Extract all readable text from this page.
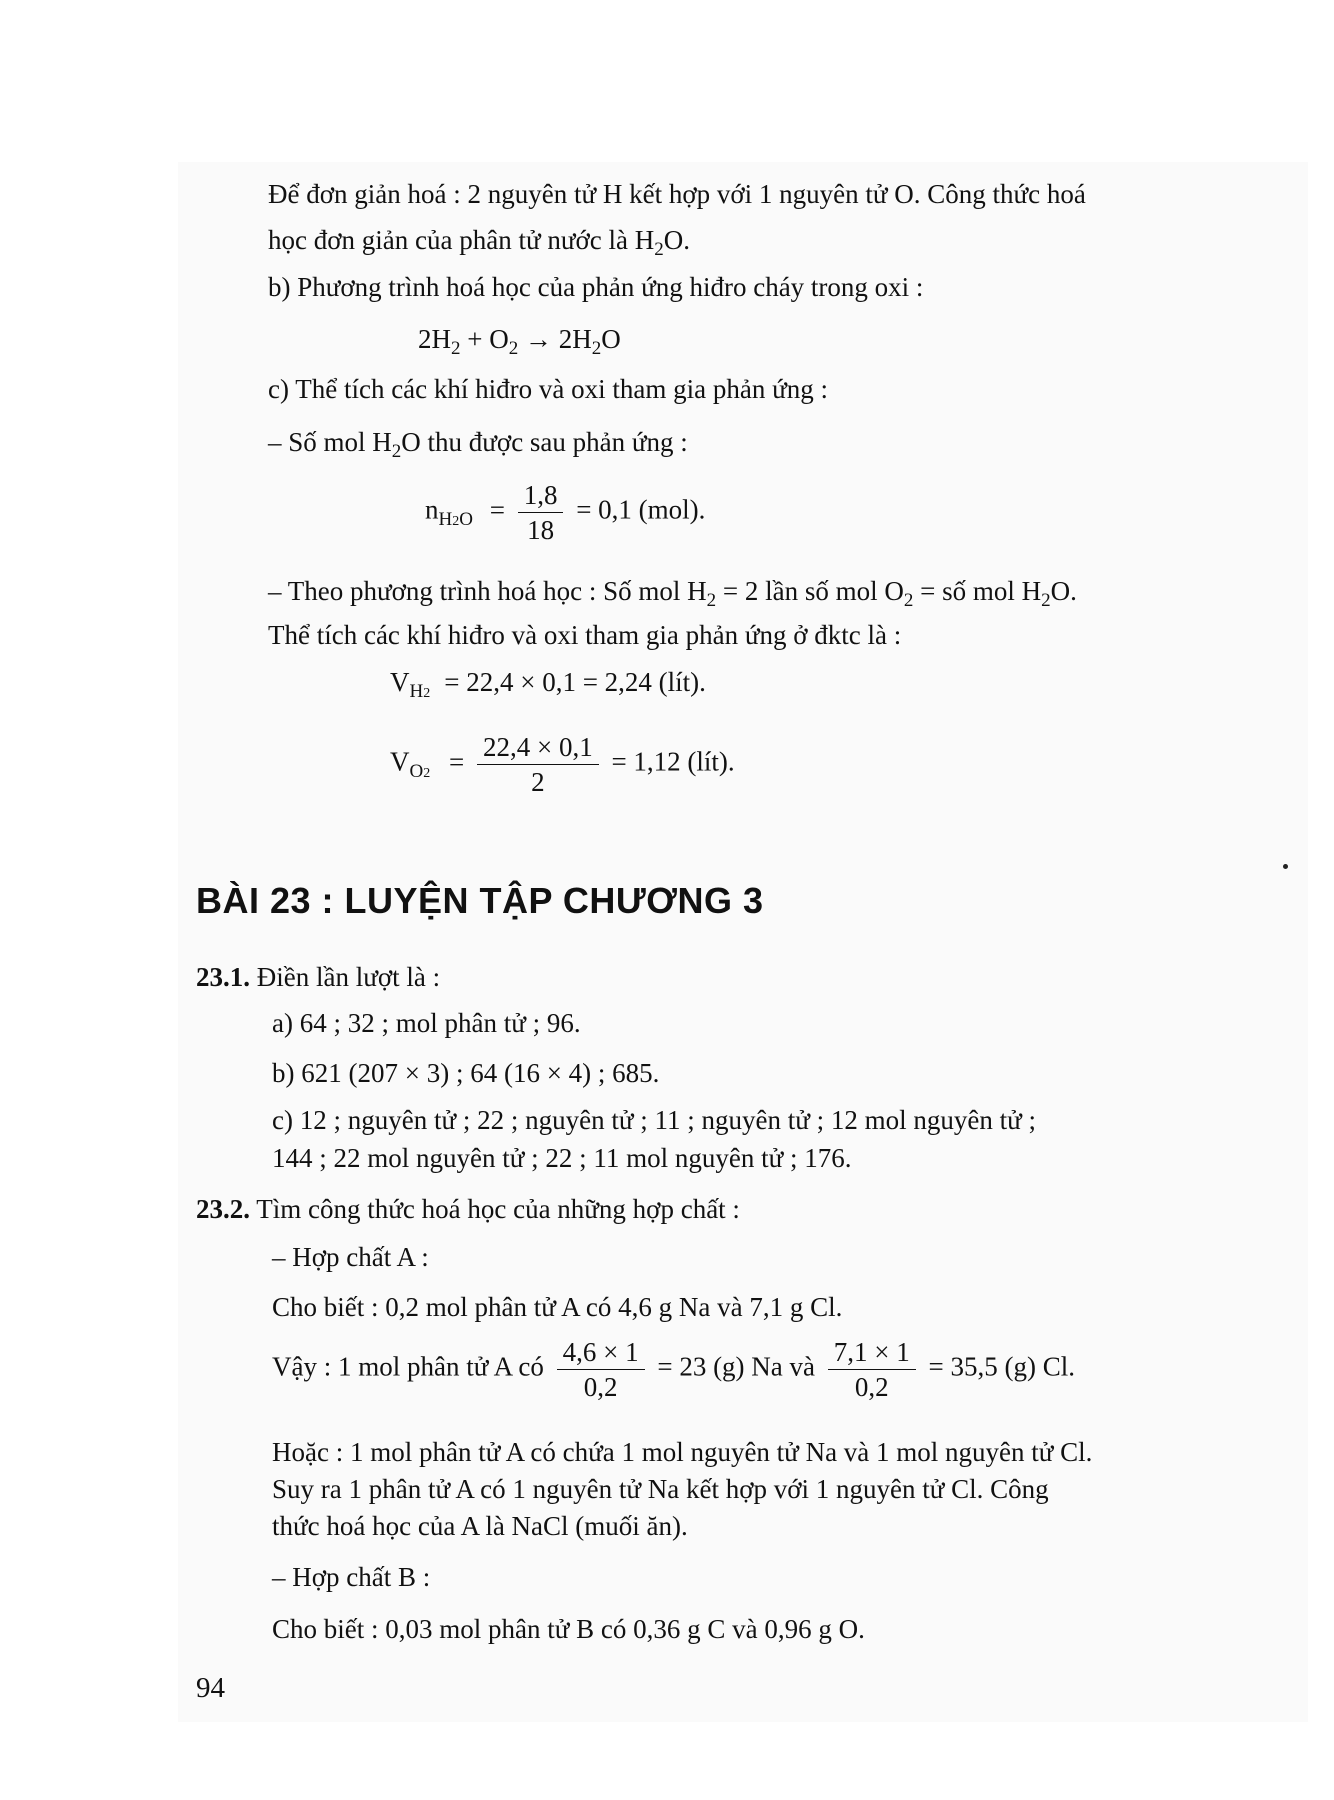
Để đơn giản hoá : 2 nguyên tử H kết hợp với 1 nguyên tử O. Công thức hoá
học đơn giản của phân tử nước là $H_2O$.
b) Phương trình hoá học của phản ứng hiđro cháy trong oxi :
$2H_2 + O_2 \to 2H_2O$
c) Thể tích các khí hiđro và oxi tham gia phản ứng :
– Số mol $H_2O$ thu được sau phản ứng :
$n_{H2O} = \frac{1,8}{18} = 0,1$ (mol).
– Theo phương trình hoá học : Số mol $H_2 = 2$ lần số mol $O_2$ = số mol $H_2O$.
Thể tích các khí hiđro và oxi tham gia phản ứng ở đktc là :
$V_{H2} = 22,4 \times 0,1 = 2,24$ (lít).
$V_{O2} = \frac{22,4 \times 0,1}{2} = 1,12$ (lít).
BÀI 23 : LUYỆN TẬP CHƯƠNG 3
23.1. Điền lần lượt là :
a) 64 ; 32 ; mol phân tử ; 96.
b) 621 (207 × 3) ; 64 (16 × 4) ; 685.
c) 12 ; nguyên tử ; 22 ; nguyên tử ; 11 ; nguyên tử ; 12 mol nguyên tử ;
144 ; 22 mol nguyên tử ; 22 ; 11 mol nguyên tử ; 176.
23.2. Tìm công thức hoá học của những hợp chất :
– Hợp chất A :
Cho biết : 0,2 mol phân tử A có 4,6 g Na và 7,1 g Cl.
Vậy : 1 mol phân tử A có $\frac{4,6 \times 1}{0,2} = 23$ (g) Na và $\frac{7,1 \times 1}{0,2} = 35,5$ (g) Cl.
Hoặc : 1 mol phân tử A có chứa 1 mol nguyên tử Na và 1 mol nguyên tử Cl.
Suy ra 1 phân tử A có 1 nguyên tử Na kết hợp với 1 nguyên tử Cl. Công
thức hoá học của A là NaCl (muối ăn).
– Hợp chất B :
Cho biết : 0,03 mol phân tử B có 0,36 g C và 0,96 g O.
94
